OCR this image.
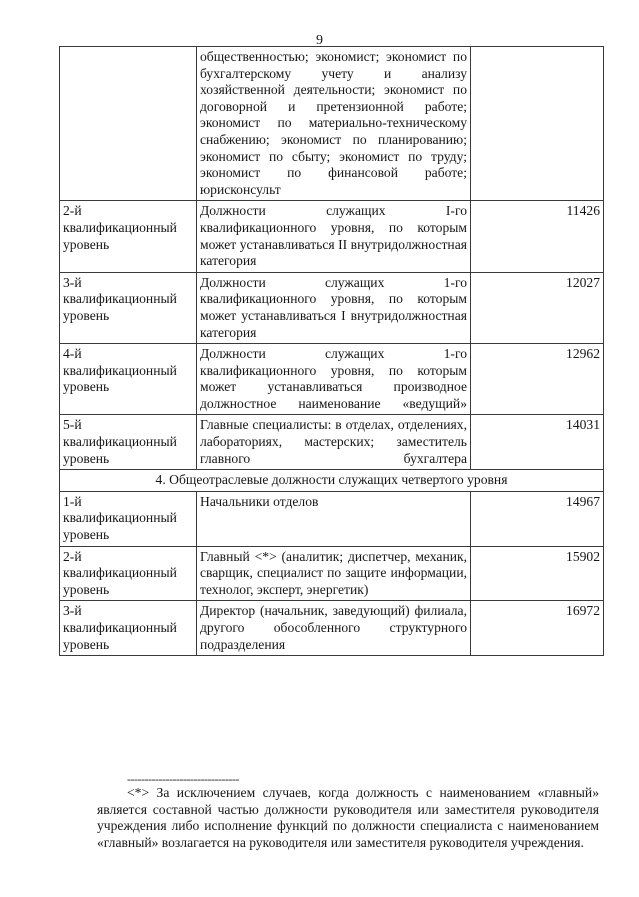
9
	общественностью; экономист; экономист по бухгалтерскому учету и анализу хозяйственной деятельности; экономист по договорной и претензионной работе; экономист по материально-техническому снабжению; экономист по планированию; экономист по сбыту; экономист по труду; экономист по финансовой работе; юрисконсульт	

2-й
квалификационный
уровень	Должности служащих I-го квалификационного уровня, по которым может устанавливаться II внутридолжностная категория	11426

3-й
квалификационный
уровень	Должности служащих 1-го квалификационного уровня, по которым может устанавливаться I внутридолжностная категория	12027

4-й
квалификационный
уровень	Должности служащих 1-го квалификационного уровня, по которым может устанавливаться производное должностное наименование «ведущий»	12962

5-й
квалификационный
уровень	Главные специалисты: в отделах, отделениях, лабораториях, мастерских; заместитель главного бухгалтера	14031
4. Общеотраслевые должности служащих четвертого уровня		

1-й
квалификационный
уровень	Начальники отделов	14967

2-й
квалификационный
уровень	Главный <*> (аналитик; диспетчер, механик, сварщик, специалист по защите информации, технолог, эксперт, энергетик)	15902

3-й
квалификационный
уровень	Директор (начальник, заведующий) филиала, другого обособленного структурного подразделения	16972
--------------------------------
<*> За исключением случаев, когда должность с наименованием «главный» является составной частью должности руководителя или заместителя руководителя учреждения либо исполнение функций по должности специалиста с наименованием «главный» возлагается на руководителя или заместителя руководителя учреждения.
